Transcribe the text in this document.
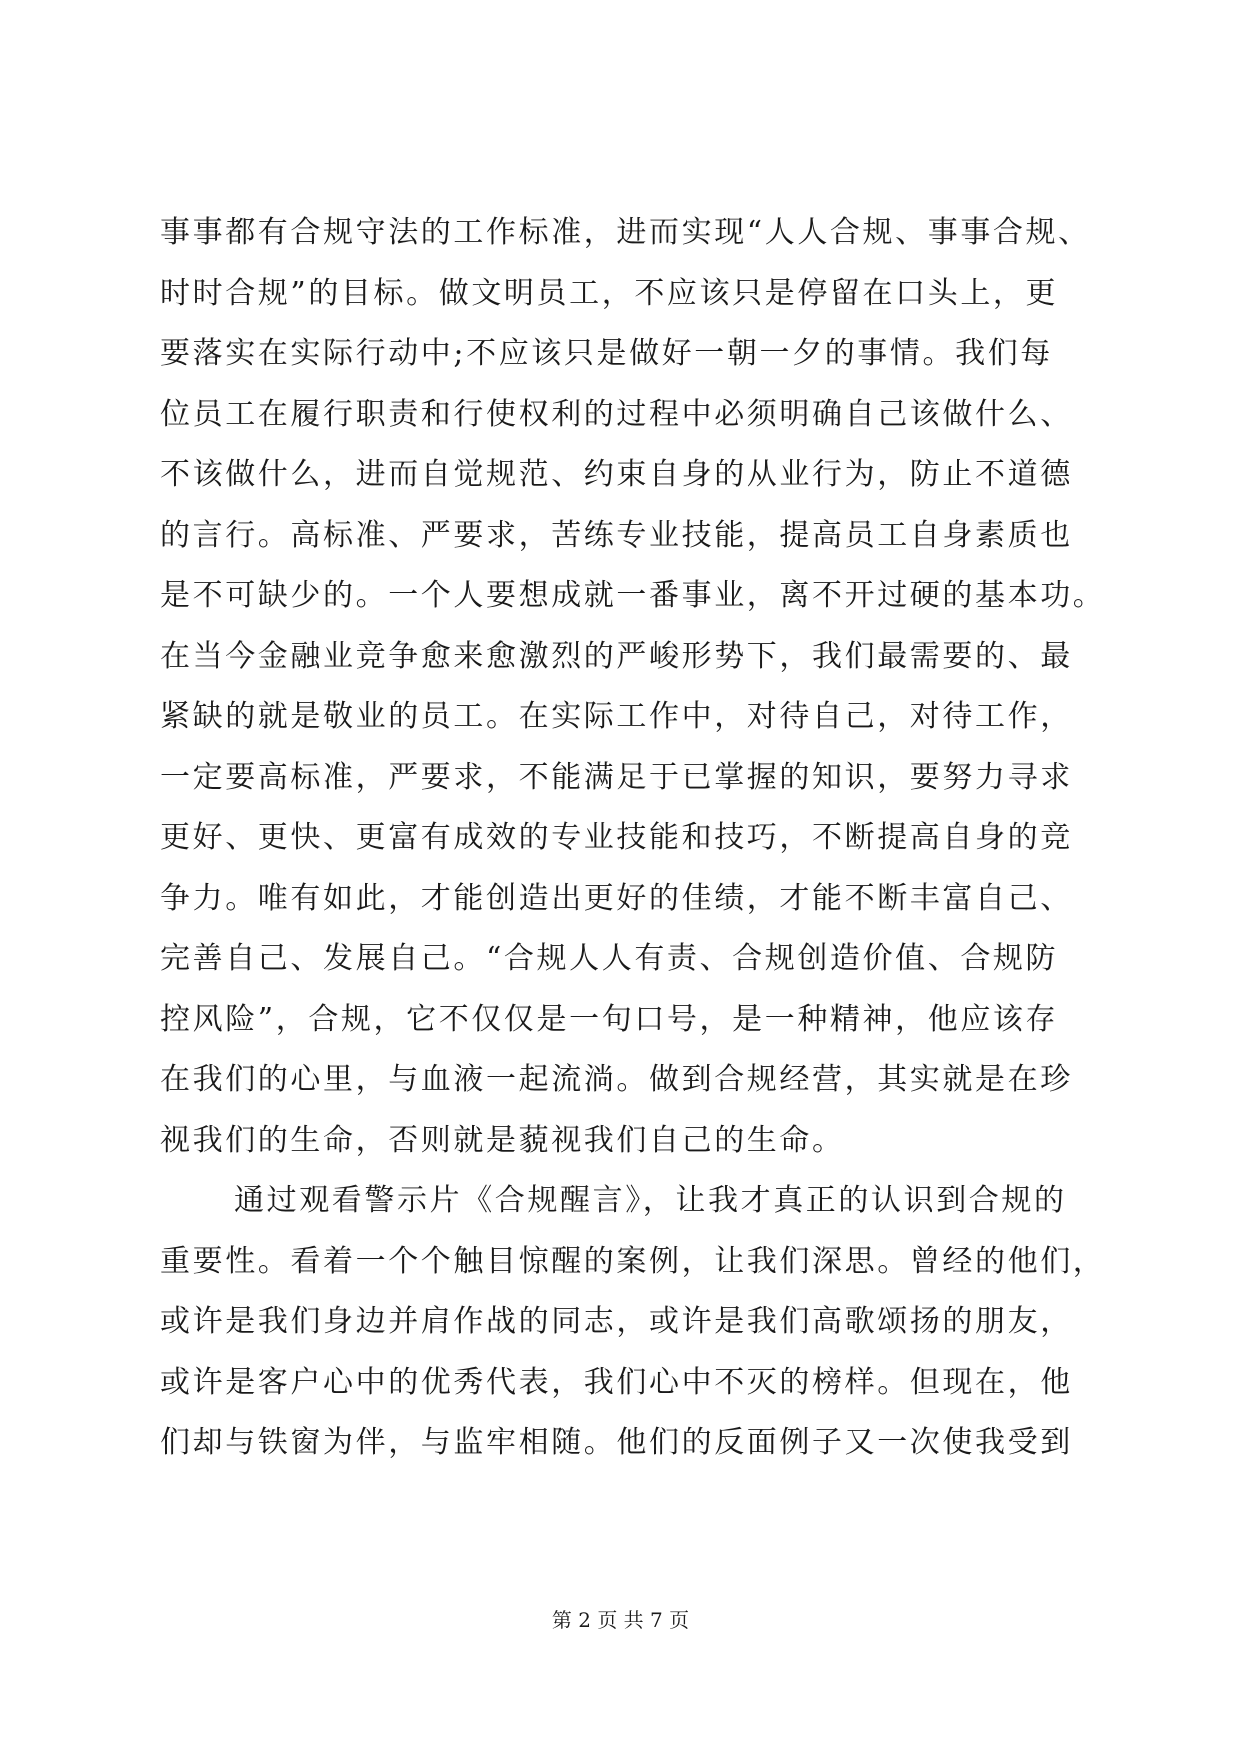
事事都有合规守法的工作标准，进而实现“人人合规、事事合规、
时时合规”的目标。做文明员工，不应该只是停留在口头上，更
要落实在实际行动中;不应该只是做好一朝一夕的事情。我们每
位员工在履行职责和行使权利的过程中必须明确自己该做什么、
不该做什么，进而自觉规范、约束自身的从业行为，防止不道德
的言行。高标准、严要求，苦练专业技能，提高员工自身素质也
是不可缺少的。一个人要想成就一番事业，离不开过硬的基本功。
在当今金融业竞争愈来愈激烈的严峻形势下，我们最需要的、最
紧缺的就是敬业的员工。在实际工作中，对待自己，对待工作，
一定要高标准，严要求，不能满足于已掌握的知识，要努力寻求
更好、更快、更富有成效的专业技能和技巧，不断提高自身的竞
争力。唯有如此，才能创造出更好的佳绩，才能不断丰富自己、
完善自己、发展自己。“合规人人有责、合规创造价值、合规防
控风险”，合规，它不仅仅是一句口号，是一种精神，他应该存
在我们的心里，与血液一起流淌。做到合规经营，其实就是在珍
视我们的生命，否则就是藐视我们自己的生命。
通过观看警示片《合规醒言》，让我才真正的认识到合规的
重要性。看着一个个触目惊醒的案例，让我们深思。曾经的他们，
或许是我们身边并肩作战的同志，或许是我们高歌颂扬的朋友，
或许是客户心中的优秀代表，我们心中不灭的榜样。但现在，他
们却与铁窗为伴，与监牢相随。他们的反面例子又一次使我受到
第 2 页 共 7 页
